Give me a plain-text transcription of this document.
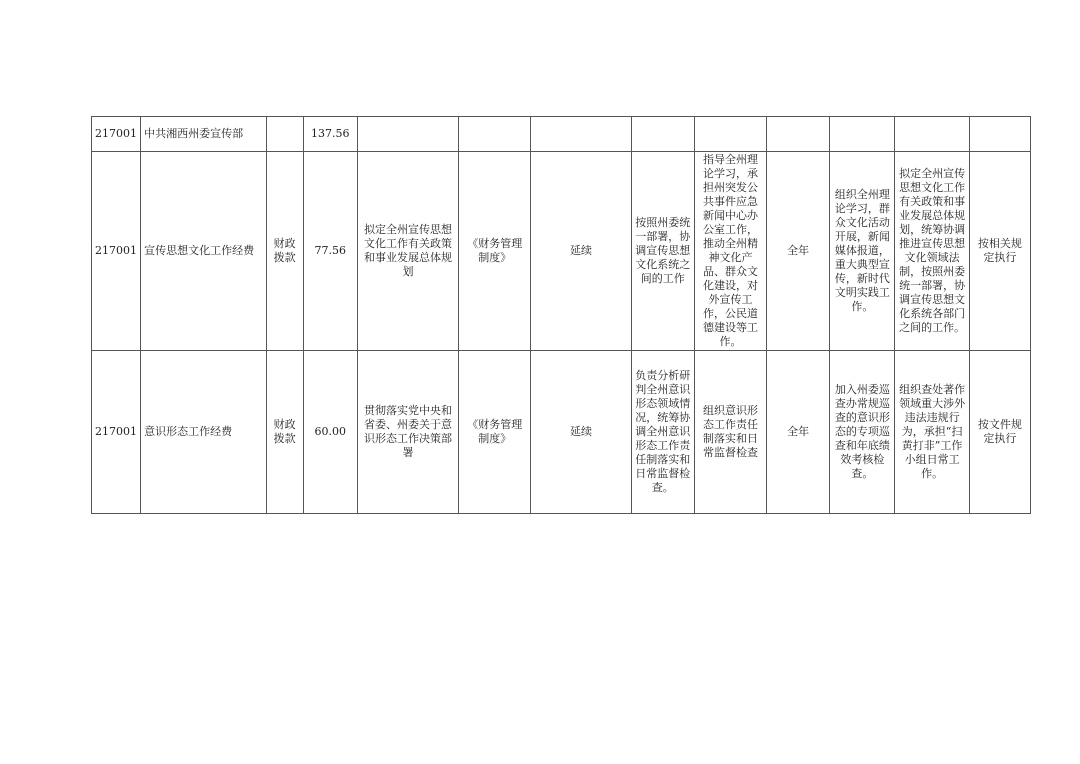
217001	中共湘西州委宣传部		137.56									
217001	宣传思想文化工作经费	财政拨款	77.56	拟定全州宣传思想文化工作有关政策和事业发展总体规划	《财务管理制度》	延续	按照州委统一部署，协调宣传思想文化系统之间的工作	指导全州理论学习，承担州突发公共事件应急新闻中心办公室工作，推动全州精神文化产品、群众文化建设，对外宣传工作，公民道德建设等工作。	全年	组织全州理论学习，群众文化活动开展，新闻媒体报道，重大典型宣传，新时代文明实践工作。	拟定全州宣传思想文化工作有关政策和事业发展总体规划，统筹协调推进宣传思想文化领域法制，按照州委统一部署，协调宣传思想文化系统各部门之间的工作。	按相关规定执行
217001	意识形态工作经费	财政拨款	60.00	贯彻落实党中央和省委、州委关于意识形态工作决策部署	《财务管理制度》	延续	负责分析研判全州意识形态领域情况，统筹协调全州意识形态工作责任制落实和日常监督检查。	组织意识形态工作责任制落实和日常监督检查	全年	加入州委巡查办常规巡查的意识形态的专项巡查和年底绩效考核检查。	组织查处著作领域重大涉外违法违规行为，承担“扫黄打非”工作小组日常工作。	按文件规定执行
